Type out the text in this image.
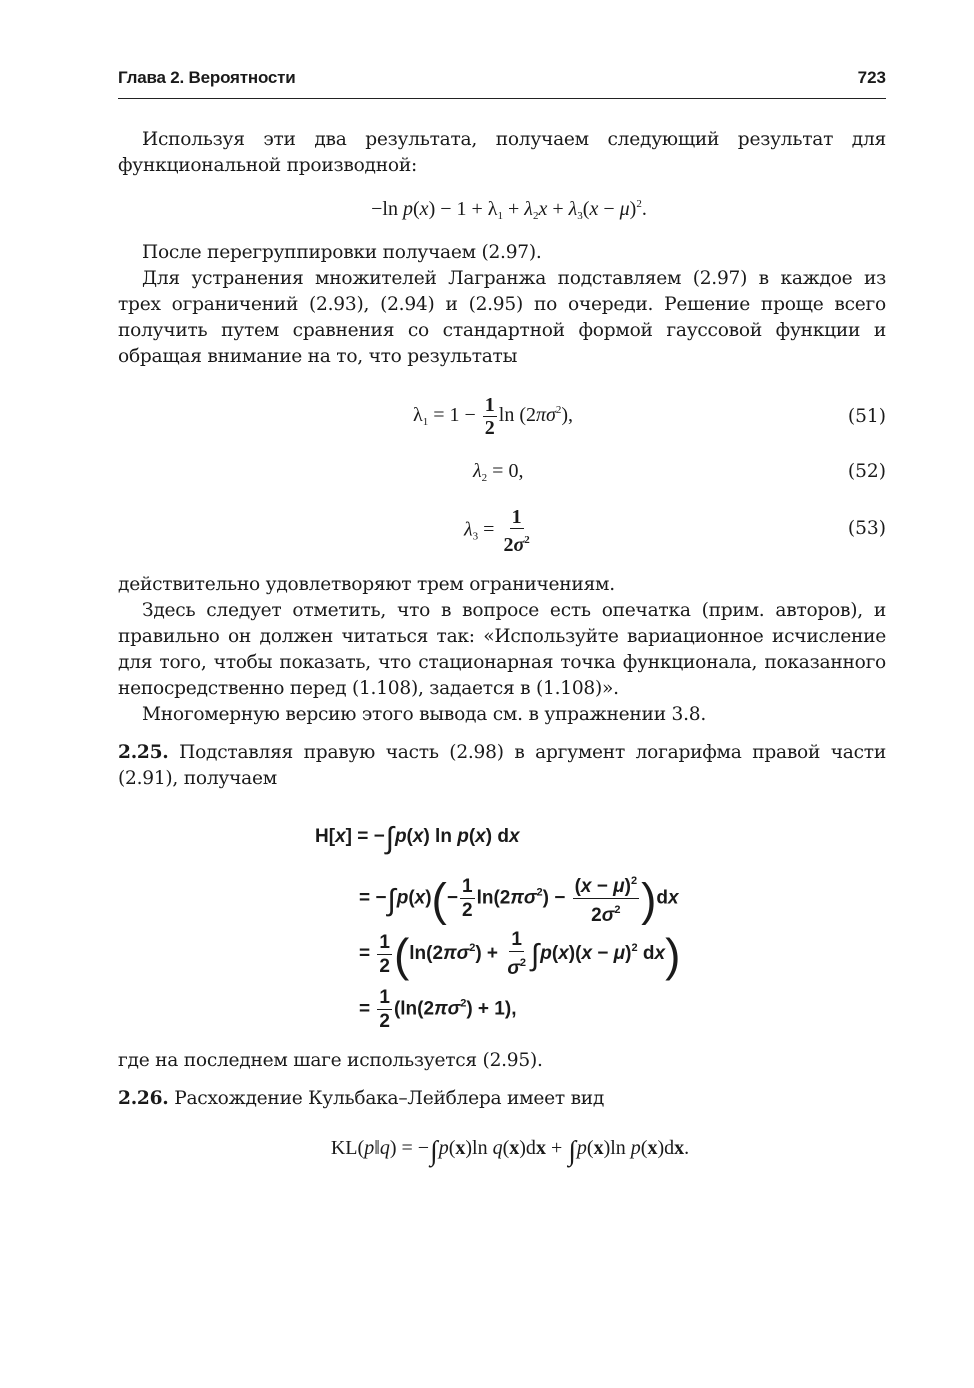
Глава 2. Вероятности	723

Используя эти два результата, получаем следующий результат для функциональной производной:

−ln $p(x) - 1 + \lambda_1 + \lambda_2x + \lambda_3(x - \mu)^2$.

После перегруппировки получаем (2.97).

Для устранения множителей Лагранжа подставляем (2.97) в каждое из трех ограничений (2.93), (2.94) и (2.95) по очереди. Решение проще всего получить путем сравнения со стандартной формой гауссовой функции и обращая внимание на то, что результаты

$\lambda_1 = 1 - \frac{1}{2}$ $\ln (2\pi\sigma^2)$,	(51)
$\lambda_2 = 0$,	(52)
$\lambda_3 = \frac{1}{2\sigma^2}$	(53)

действительно удовлетворяют трем ограничениям.

Здесь следует отметить, что в вопросе есть опечатка (прим. авторов), и правильно он должен читаться так: «Используйте вариационное исчисление для того, чтобы показать, что стационарная точка функционала, показанного непосредственно перед (1.108), задается в (1.108)».

Многомерную версию этого вывода см. в упражнении 3.8.

2.25. Подставляя правую часть (2.98) в аргумент логарифма правой части (2.91), получаем

H[x] = −∫p(x) ln p(x) dx
= $-\int p(x)(- \frac{1}{2} \ln(2\pi\sigma^2) - \frac{(x - \mu)^2}{2\sigma^2} )dx$
= $\frac{1}{2} (\ln(2\pi\sigma^2) + \frac{1}{\sigma^2} \int p(x)(x - \mu)^2$ dx)
= $\frac{1}{2} (\ln(2\pi\sigma^2) + 1)$,

где на последнем шаге используется (2.95).

2.26. Расхождение Кульбака–Лейблера имеет вид

KL(p‖q) = −∫p(x)ln q(x)dx + ∫p(x)ln p(x)dx.
